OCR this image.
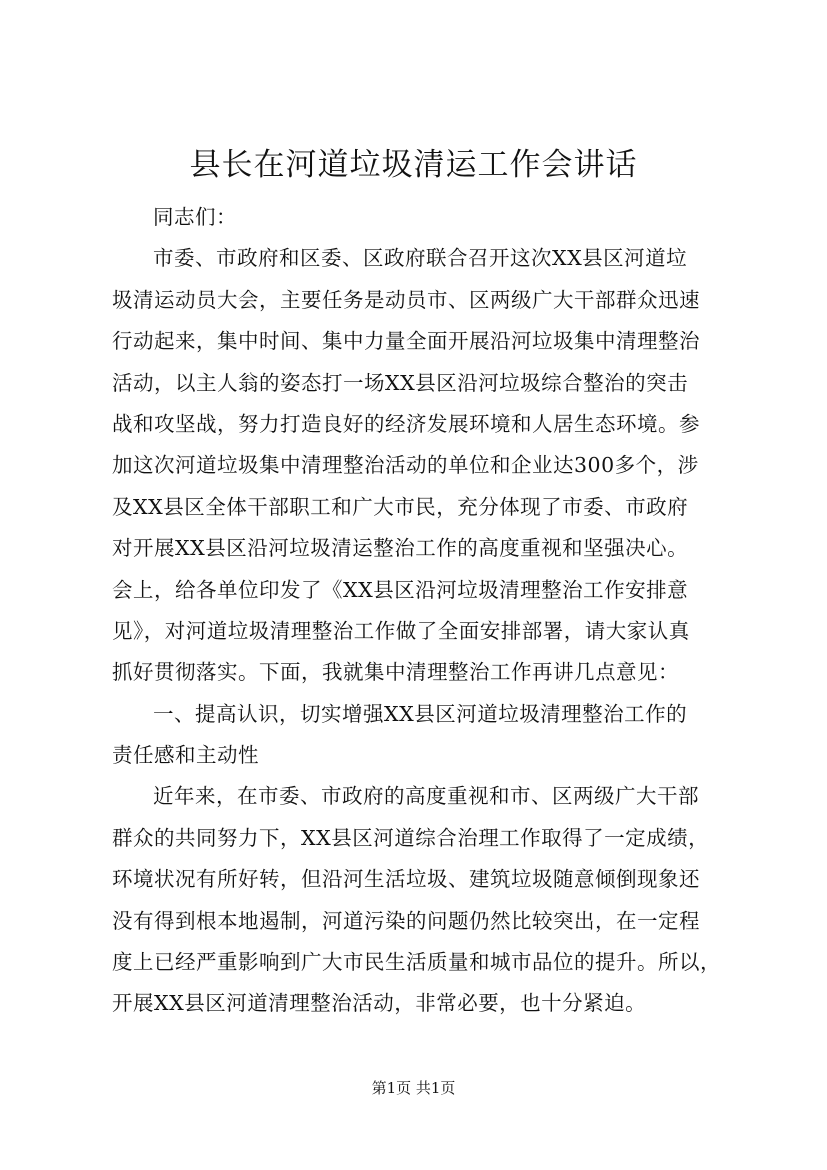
县长在河道垃圾清运工作会讲话
同志们：
市委、市政府和区委、区政府联合召开这次XX县区河道垃
圾清运动员大会，主要任务是动员市、区两级广大干部群众迅速
行动起来，集中时间、集中力量全面开展沿河垃圾集中清理整治
活动，以主人翁的姿态打一场XX县区沿河垃圾综合整治的突击
战和攻坚战，努力打造良好的经济发展环境和人居生态环境。参
加这次河道垃圾集中清理整治活动的单位和企业达300多个，涉
及XX县区全体干部职工和广大市民，充分体现了市委、市政府
对开展XX县区沿河垃圾清运整治工作的高度重视和坚强决心。
会上，给各单位印发了《XX县区沿河垃圾清理整治工作安排意
见》，对河道垃圾清理整治工作做了全面安排部署，请大家认真
抓好贯彻落实。下面，我就集中清理整治工作再讲几点意见：
一、提高认识，切实增强XX县区河道垃圾清理整治工作的
责任感和主动性
近年来，在市委、市政府的高度重视和市、区两级广大干部
群众的共同努力下，XX县区河道综合治理工作取得了一定成绩，
环境状况有所好转，但沿河生活垃圾、建筑垃圾随意倾倒现象还
没有得到根本地遏制，河道污染的问题仍然比较突出，在一定程
度上已经严重影响到广大市民生活质量和城市品位的提升。所以，
开展XX县区河道清理整治活动，非常必要，也十分紧迫。
第1页 共1页
